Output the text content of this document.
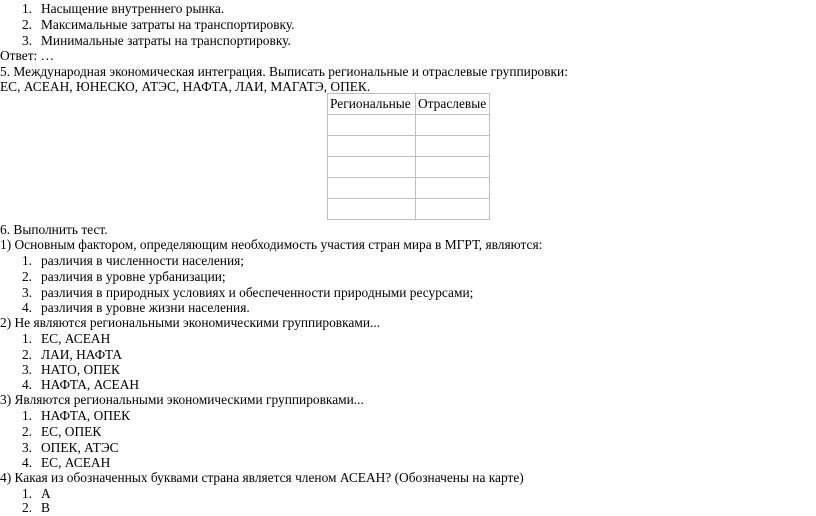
1. Насыщение внутреннего рынка.
2. Максимальные затраты на транспортировку.
3. Минимальные затраты на транспортировку.
Ответ: …
5. Международная экономическая интеграция. Выписать региональные и отраслевые группировки:
ЕС, АСЕАН, ЮНЕСКО, АТЭС, НАФТА, ЛАИ, МАГАТЭ, ОПЕК.
Региональные	Отраслевые

6. Выполнить тест.
1) Основным фактором, определяющим необходимость участия стран мира в МГРТ, являются:
1. различия в численности населения;
2. различия в уровне урбанизации;
3. различия в природных условиях и обеспеченности природными ресурсами;
4. различия в уровне жизни населения.
2) Не являются региональными экономическими группировками...
1. ЕС, АСЕАН
2. ЛАИ, НАФТА
3. НАТО, ОПЕК
4. НАФТА, АСЕАН
3) Являются региональными экономическими группировками...
1. НАФТА, ОПЕК
2. ЕС, ОПЕК
3. ОПЕК, АТЭС
4. ЕС, АСЕАН
4) Какая из обозначенных буквами страна является членом АСЕАН? (Обозначены на карте)
1. А
2. В
